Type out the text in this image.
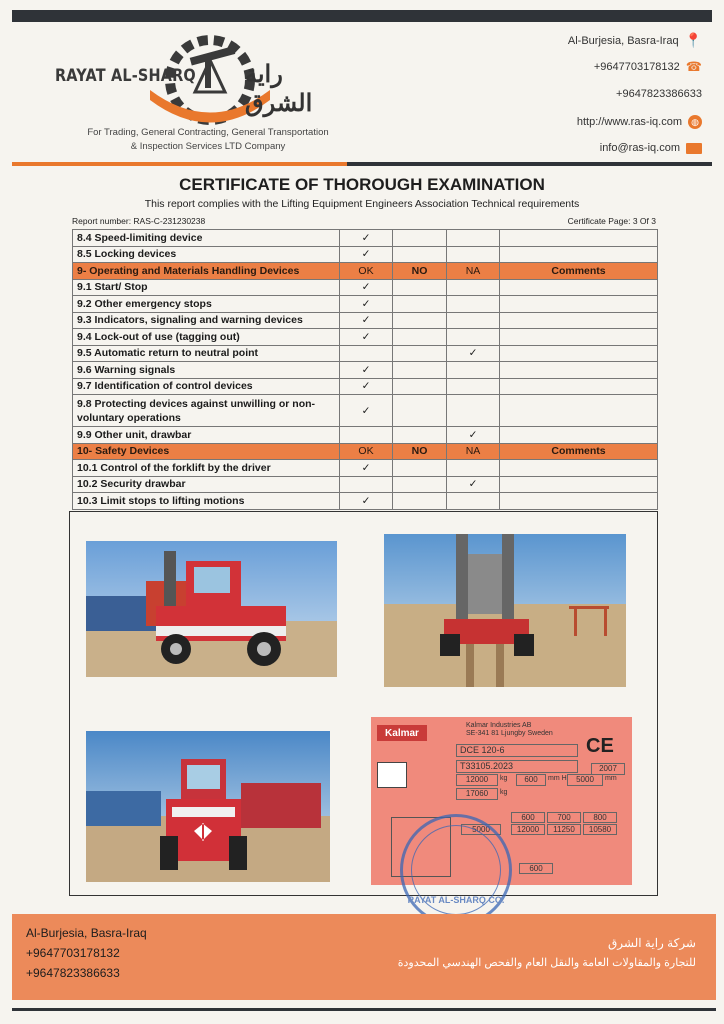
RAYAT AL-SHARQ راية الشرق
For Trading, General Contracting, General Transportation
& Inspection Services LTD Company
Al-Burjesia, Basra-Iraq 📍
+9647703178132 ☎
+9647823386633
http://www.ras-iq.com	◍
info@ras-iq.com
CERTIFICATE OF THOROUGH EXAMINATION
This report complies with the Lifting Equipment Engineers Association Technical requirements
Report number: RAS-C-231230238	Certificate Page: 3 Of 3
8.4 Speed-limiting device	✓			
8.5 Locking devices	✓			
9- Operating and Materials Handling Devices	OK	NO	NA	Comments
9.1 Start/ Stop	✓			
9.2 Other emergency stops	✓			
9.3 Indicators, signaling and warning devices	✓			
9.4 Lock-out of use (tagging out)	✓			
9.5 Automatic return to neutral point			✓	
9.6 Warning signals	✓			
9.7 Identification of control devices	✓			
9.8 Protecting devices against unwilling or non-voluntary operations	✓			
9.9 Other unit, drawbar			✓	
10- Safety Devices	OK	NO	NA	Comments
10.1 Control of the forklift by the driver	✓			
10.2 Security drawbar			✓	
10.3 Limit stops to lifting motions	✓			
Kalmar
Kalmar Industries AB
SE-341 81 Ljungby Sweden
CE
DCE 120-6
T33105.2023	2007
12000	kg	600	mm H	5000	mm
17060	kg
600	700	800
5000	12000	11250	10580
600
RAYAT AL-SHARQ CO.
Al-Burjesia, Basra-Iraq
+9647703178132
+9647823386633
شركة راية الشرق
للتجارة والمقاولات العامة والنقل العام والفحص الهندسي المحدودة
